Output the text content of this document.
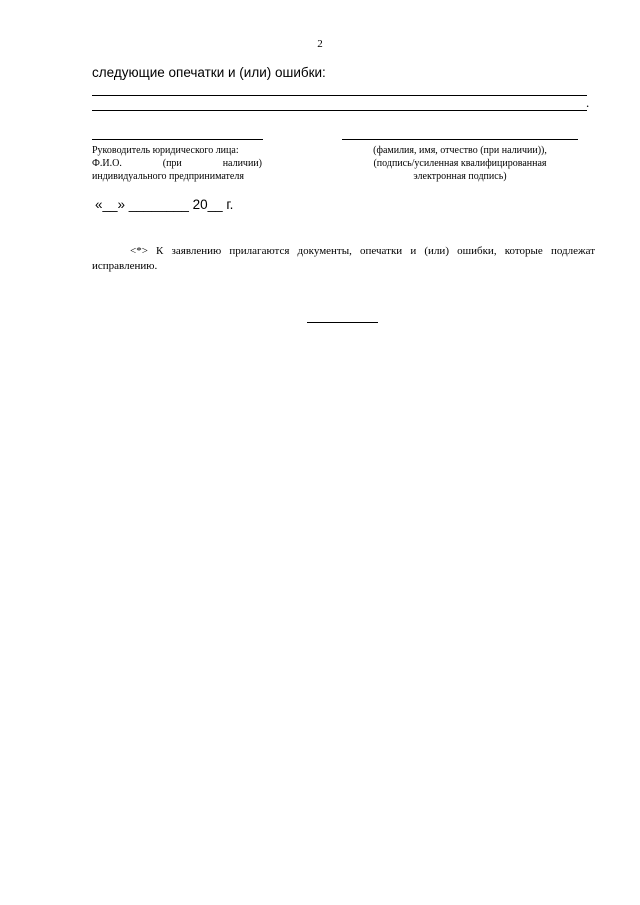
2
следующие опечатки и (или) ошибки:
.
Руководитель юридического лица:
Ф.И.О.	(при	наличии)
индивидуального предпринимателя
(фамилия, имя, отчество (при наличии)),
(подпись/усиленная квалифицированная
электронная подпись)
«__» ________ 20__ г.
<*> К заявлению прилагаются документы, опечатки и (или) ошибки, которые подлежат исправлению.
